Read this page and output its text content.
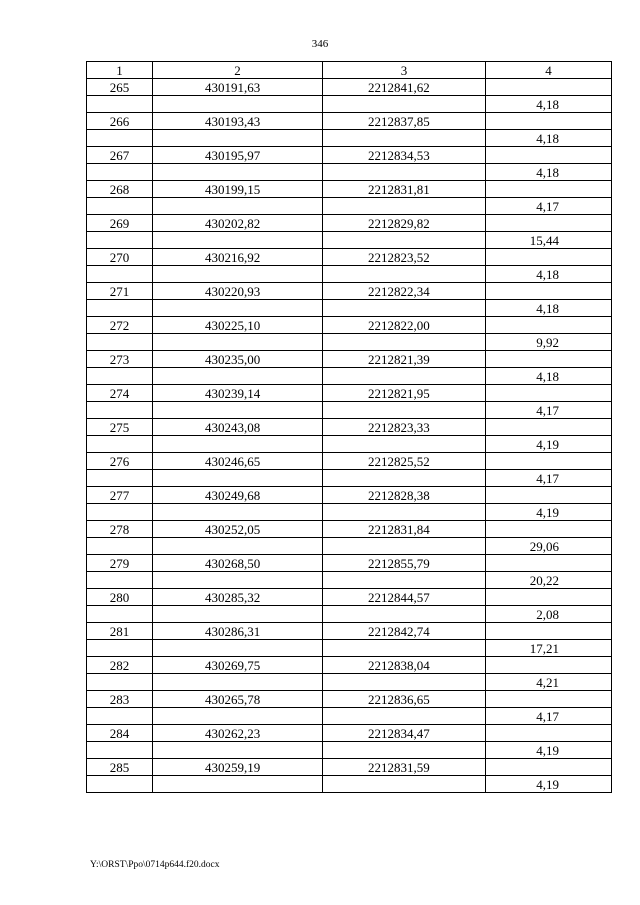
346
1	2	3	4
265	430191,63	2212841,62	
			4,18
266	430193,43	2212837,85	
			4,18
267	430195,97	2212834,53	
			4,18
268	430199,15	2212831,81	
			4,17
269	430202,82	2212829,82	
			15,44
270	430216,92	2212823,52	
			4,18
271	430220,93	2212822,34	
			4,18
272	430225,10	2212822,00	
			9,92
273	430235,00	2212821,39	
			4,18
274	430239,14	2212821,95	
			4,17
275	430243,08	2212823,33	
			4,19
276	430246,65	2212825,52	
			4,17
277	430249,68	2212828,38	
			4,19
278	430252,05	2212831,84	
			29,06
279	430268,50	2212855,79	
			20,22
280	430285,32	2212844,57	
			2,08
281	430286,31	2212842,74	
			17,21
282	430269,75	2212838,04	
			4,21
283	430265,78	2212836,65	
			4,17
284	430262,23	2212834,47	
			4,19
285	430259,19	2212831,59	
			4,19
Y:\ORST\Ppo\0714p644.f20.docx
